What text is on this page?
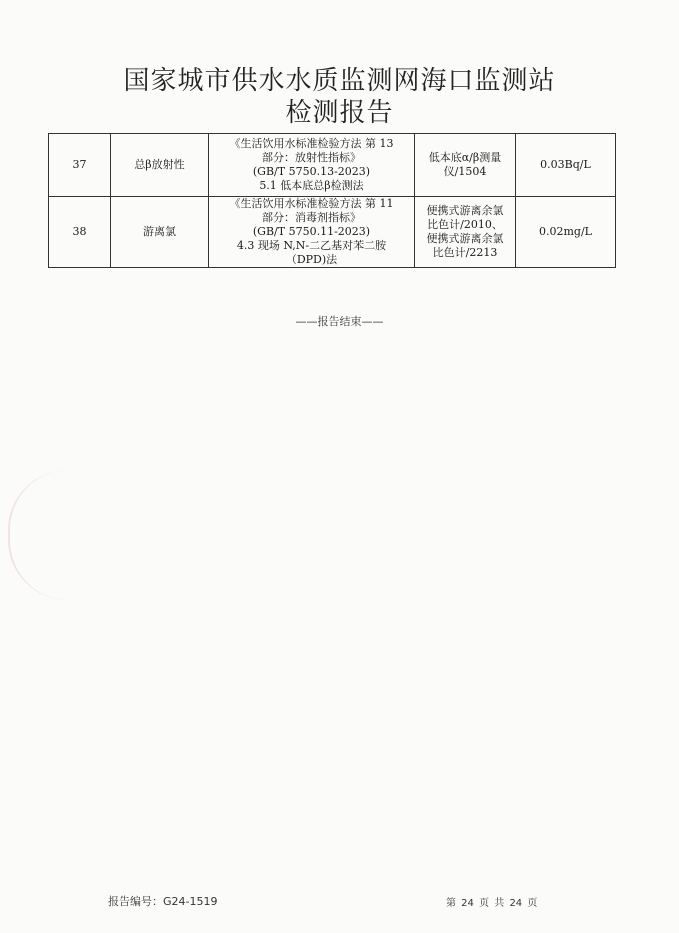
国家城市供水水质监测网海口监测站
检测报告
37	总β放射性	《生活饮用水标准检验方法 第 13
部分：放射性指标》
(GB/T 5750.13-2023)
5.1 低本底总β检测法	低本底α/β测量
仪/1504	0.03Bq/L
38	游离氯	《生活饮用水标准检验方法 第 11
部分：消毒剂指标》
(GB/T 5750.11-2023)
4.3 现场 N,N-二乙基对苯二胺
（DPD)法	便携式游离余氯
比色计/2010、
便携式游离余氯
比色计/2213	0.02mg/L
——报告结束——
报告编号：G24-1519	第 24 页 共 24 页
